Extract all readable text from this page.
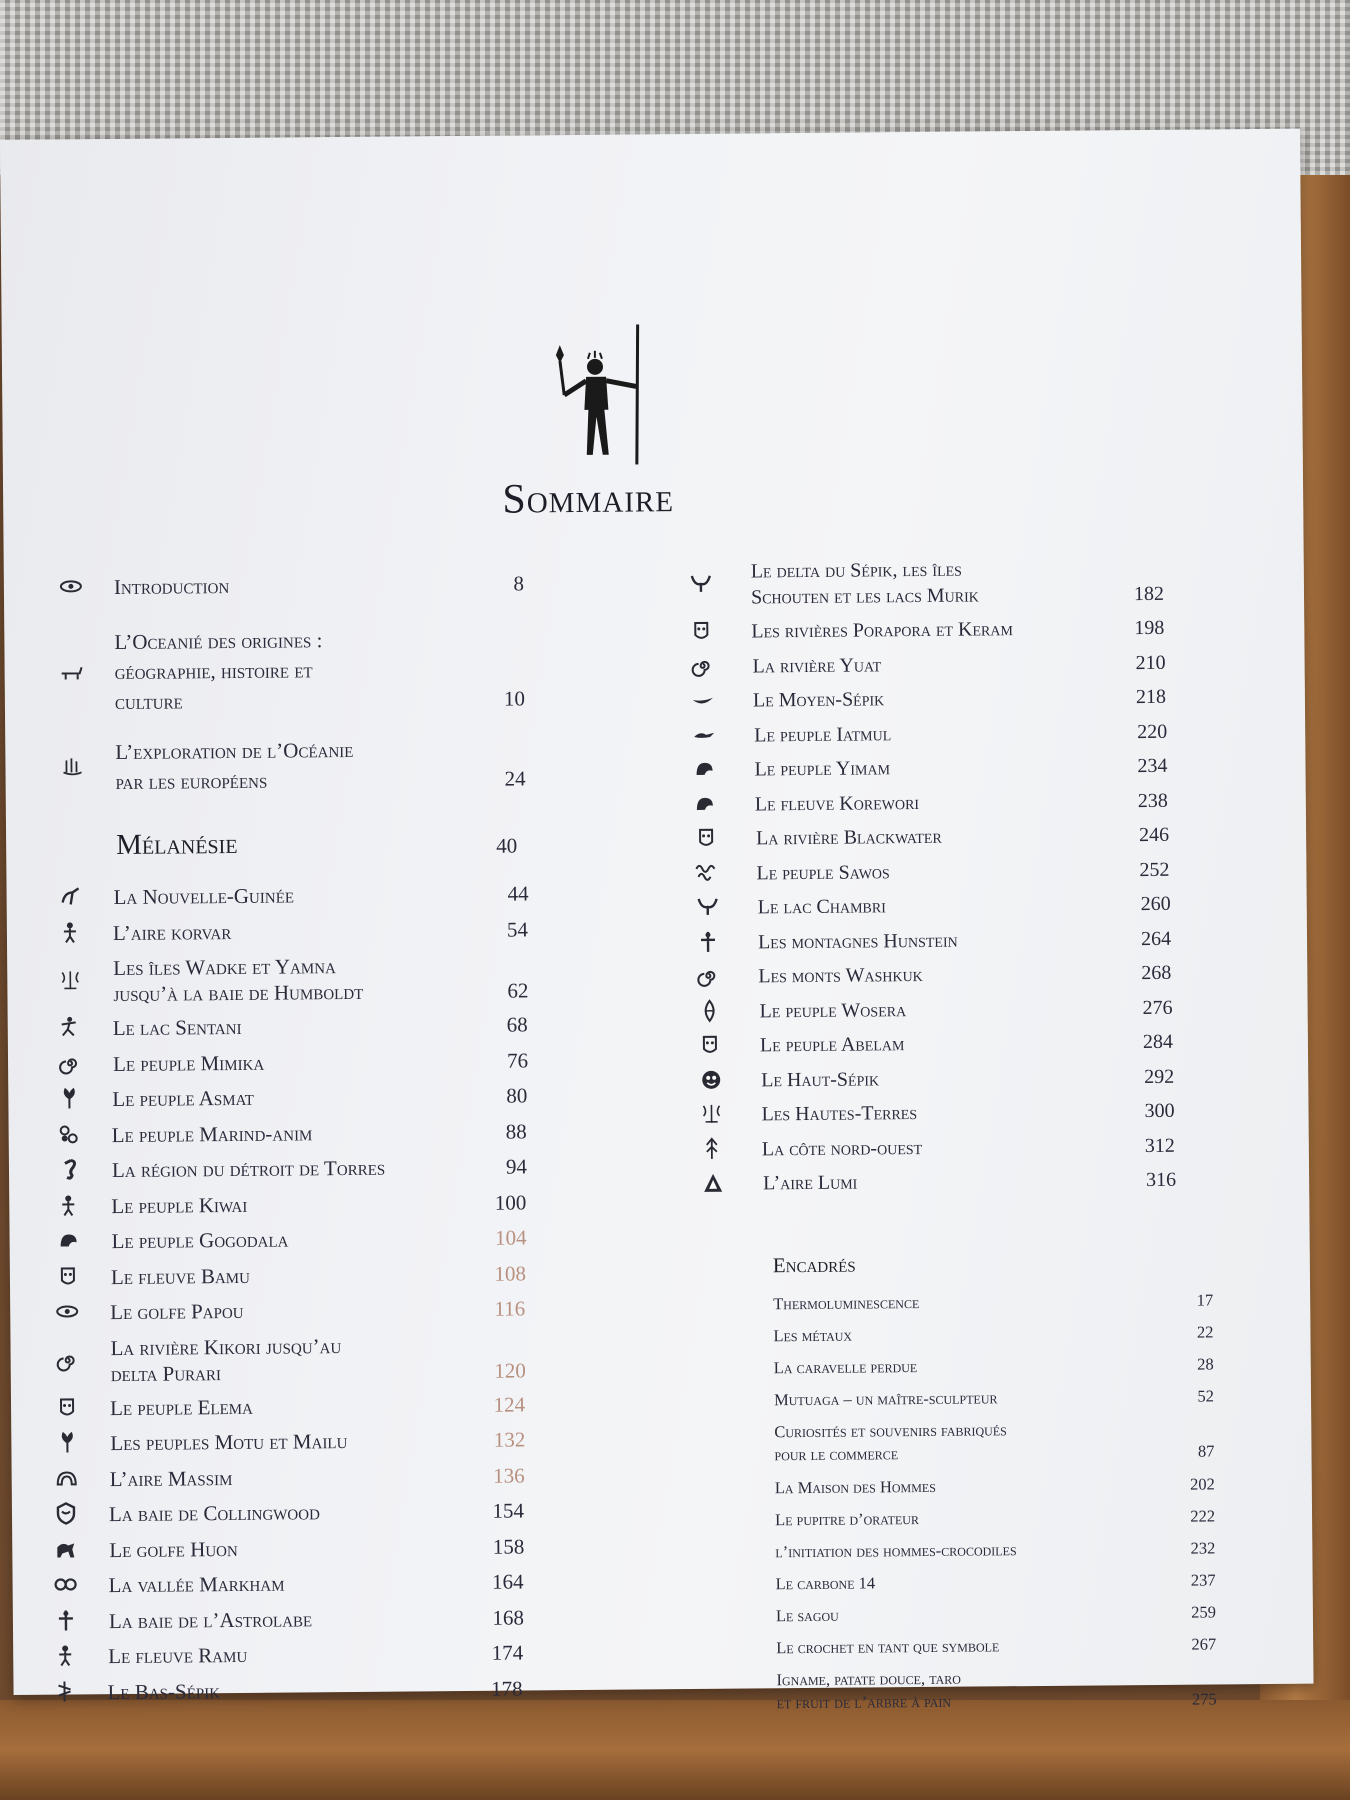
Sommaire
Introduction	8
L’Oceanié des origines :
géographie, histoire et
culture	10
L’exploration de l’Océanie
par les européens	24
Mélanésie	40
La Nouvelle-Guinée	44
L’aire korvar	54
Les îles Wadke et Yamna
jusqu’à la baie de Humboldt	62
Le lac Sentani	68
Le peuple Mimika	76
Le peuple Asmat	80
Le peuple Marind-anim	88
La région du détroit de Torres	94
Le peuple Kiwai	100
Le peuple Gogodala	104
Le fleuve Bamu	108
Le golfe Papou	116
La rivière Kikori jusqu’au
delta Purari	120
Le peuple Elema	124
Les peuples Motu et Mailu	132
L’aire Massim	136
La baie de Collingwood	154
Le golfe Huon	158
La vallée Markham	164
La baie de l’Astrolabe	168
Le fleuve Ramu	174
Le Bas-Sépik	178
Le delta du Sépik, les îles
Schouten et les lacs Murik	182
Les rivières Porapora et Keram	198
La rivière Yuat	210
Le Moyen-Sépik	218
Le peuple Iatmul	220
Le peuple Yimam	234
Le fleuve Korewori	238
La rivière Blackwater	246
Le peuple Sawos	252
Le lac Chambri	260
Les montagnes Hunstein	264
Les monts Washkuk	268
Le peuple Wosera	276
Le peuple Abelam	284
Le Haut-Sépik	292
Les Hautes-Terres	300
La côte nord-ouest	312
L’aire Lumi	316
Encadrés
Thermoluminescence	17
Les métaux	22
La caravelle perdue	28
Mutuaga – un maître-sculpteur	52
Curiosités et souvenirs fabriqués
pour le commerce	87
La Maison des Hommes	202
Le pupitre d’orateur	222
l’initiation des hommes-crocodiles	232
Le carbone 14	237
Le sagou	259
Le crochet en tant que symbole	267
Igname, patate douce, taro
et fruit de l’arbre à pain	275
